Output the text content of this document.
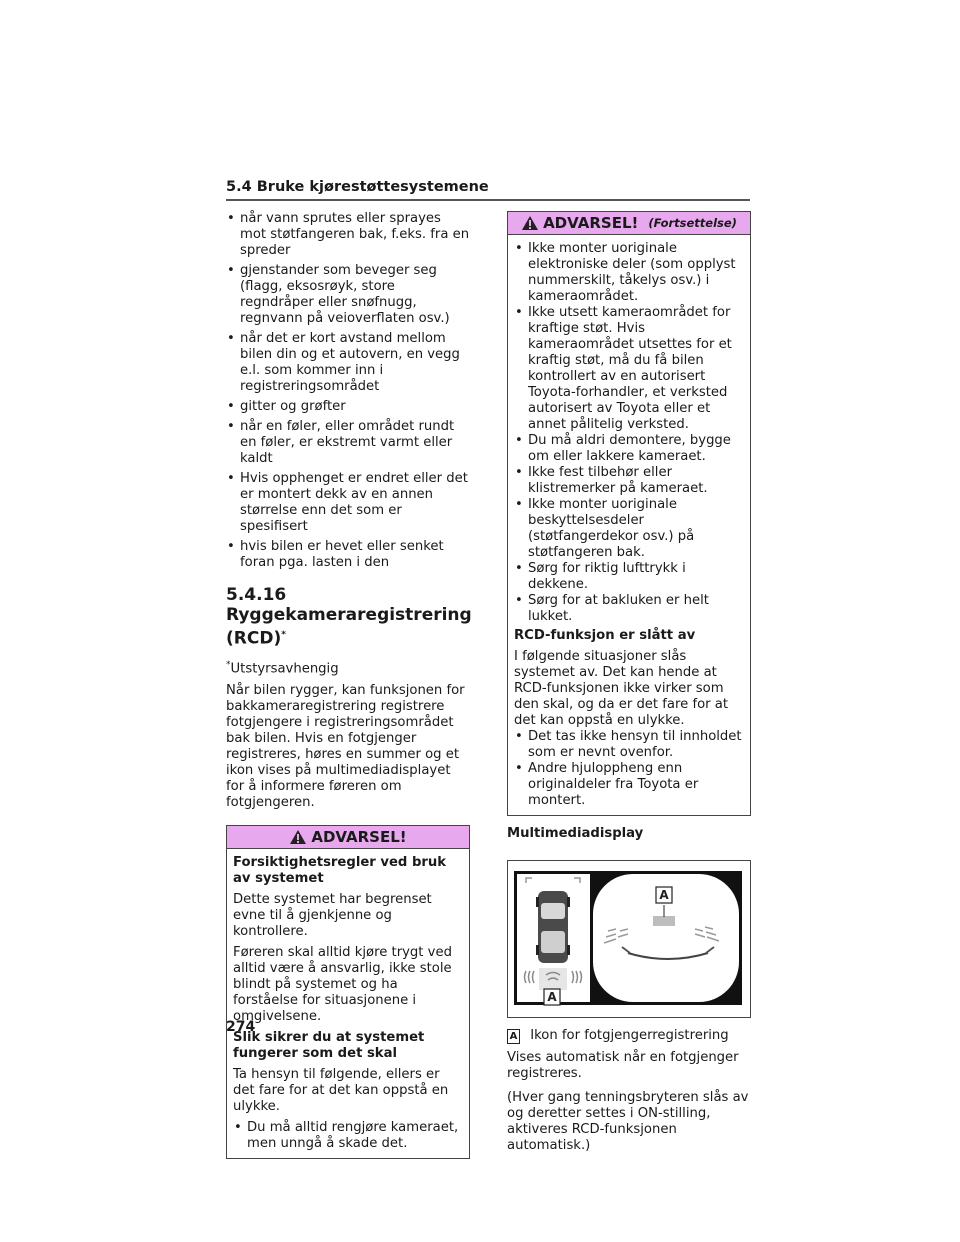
5.4 Bruke kjørestøttesystemene
• når vann sprutes eller sprayes mot støtfangeren bak, f.eks. fra en spreder
• gjenstander som beveger seg (flagg, eksosrøyk, store regndråper eller snøfnugg, regnvann på veioverflaten osv.)
• når det er kort avstand mellom bilen din og et autovern, en vegg e.l. som kommer inn i registreringsområdet
• gitter og grøfter
• når en føler, eller området rundt en føler, er ekstremt varmt eller kaldt
• Hvis opphenget er endret eller det er montert dekk av en annen størrelse enn det som er spesifisert
• hvis bilen er hevet eller senket foran pga. lasten i den
5.4.16 Ryggekameraregistrering (RCD)*
*Utstyrsavhengig

Når bilen rygger, kan funksjonen for bakkameraregistrering registrere fotgjengere i registreringsområdet bak bilen. Hvis en fotgjenger registreres, høres en summer og et ikon vises på multimediadisplayet for å informere føreren om fotgjengeren.

ADVARSEL!

Forsiktighetsregler ved bruk av systemet

Dette systemet har begrenset evne til å gjenkjenne og kontrollere.

Føreren skal alltid kjøre trygt ved alltid være å ansvarlig, ikke stole blindt på systemet og ha forståelse for situasjonene i omgivelsene.

Slik sikrer du at systemet fungerer som det skal

Ta hensyn til følgende, ellers er det fare for at det kan oppstå en ulykke.

• Du må alltid rengjøre kameraet, men unngå å skade det.
ADVARSEL! (Fortsettelse)
• Ikke monter uoriginale elektroniske deler (som opplyst nummerskilt, tåkelys osv.) i kameraområdet.
• Ikke utsett kameraområdet for kraftige støt. Hvis kameraområdet utsettes for et kraftig støt, må du få bilen kontrollert av en autorisert Toyota-forhandler, et verksted autorisert av Toyota eller et annet pålitelig verksted.
• Du må aldri demontere, bygge om eller lakkere kameraet.
• Ikke fest tilbehør eller klistremerker på kameraet.
• Ikke monter uoriginale beskyttelsesdeler (støtfangerdekor osv.) på støtfangeren bak.
• Sørg for riktig lufttrykk i dekkene.
• Sørg for at bakluken er helt lukket.

RCD-funksjon er slått av

I følgende situasjoner slås systemet av. Det kan hende at RCD-funksjonen ikke virker som den skal, og da er det fare for at det kan oppstå en ulykke.

• Det tas ikke hensyn til innholdet som er nevnt ovenfor.
• Andre hjuloppheng enn originaldeler fra Toyota er montert.

Multimediadisplay

A
A
A Ikon for fotgjengerregistrering

Vises automatisk når en fotgjenger registreres.

(Hver gang tenningsbryteren slås av og deretter settes i ON-stilling, aktiveres RCD-funksjonen automatisk.)

274
